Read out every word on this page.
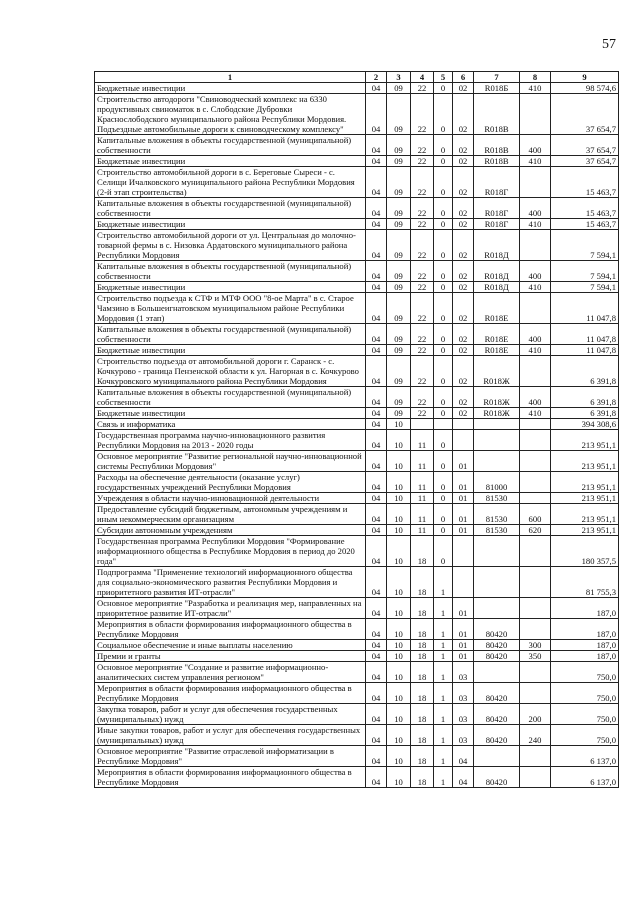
57
1	2	3	4	5	6	7	8	9
Бюджетные инвестиции	04	09	22	0	02	R018Б	410	98 574,6
Строительство автодороги "Свиноводческий комплекс на 6330 продуктивных свиноматок в с. Слободские Дубровки Краснослободского муниципального района Республики Мордовия. Подъездные автомобильные дороги к свиноводческому комплексу"	04	09	22	0	02	R018В		37 654,7
Капитальные вложения в объекты государственной (муниципальной) собственности	04	09	22	0	02	R018В	400	37 654,7
Бюджетные инвестиции	04	09	22	0	02	R018В	410	37 654,7
Строительство автомобильной дороги в с. Береговые Сыреси - с. Селищи Ичалковского муниципального района Республики Мордовия (2-й этап строительства)	04	09	22	0	02	R018Г		15 463,7
Капитальные вложения в объекты государственной (муниципальной) собственности	04	09	22	0	02	R018Г	400	15 463,7
Бюджетные инвестиции	04	09	22	0	02	R018Г	410	15 463,7
Строительство автомобильной дороги от ул. Центральная до молочно-товарной фермы в с. Низовка Ардатовского муниципального района Республики Мордовия	04	09	22	0	02	R018Д		7 594,1
Капитальные вложения в объекты государственной (муниципальной) собственности	04	09	22	0	02	R018Д	400	7 594,1
Бюджетные инвестиции	04	09	22	0	02	R018Д	410	7 594,1
Строительство подъезда к СТФ и МТФ ООО "8-ое Марта" в с. Старое Чамзино в Большеигнатовском муниципальном районе Республики Мордовия (1 этап)	04	09	22	0	02	R018Е		11 047,8
Капитальные вложения в объекты государственной (муниципальной) собственности	04	09	22	0	02	R018Е	400	11 047,8
Бюджетные инвестиции	04	09	22	0	02	R018Е	410	11 047,8
Строительство подъезда от автомобильной дороги г. Саранск - с. Кочкурово - граница Пензенской области к ул. Нагорная в с. Кочкурово Кочкуровского муниципального района Республики Мордовия	04	09	22	0	02	R018Ж		6 391,8
Капитальные вложения в объекты государственной (муниципальной) собственности	04	09	22	0	02	R018Ж	400	6 391,8
Бюджетные инвестиции	04	09	22	0	02	R018Ж	410	6 391,8
Связь и информатика	04	10						394 308,6
Государственная программа научно-инновационного развития Республики Мордовия на 2013 - 2020 годы	04	10	11	0				213 951,1
Основное мероприятие "Развитие региональной научно-инновационной системы Республики Мордовия"	04	10	11	0	01			213 951,1
Расходы на обеспечение деятельности (оказание услуг) государственных учреждений Республики Мордовия	04	10	11	0	01	81000		213 951,1
Учреждения в области научно-инновационной деятельности	04	10	11	0	01	81530		213 951,1
Предоставление субсидий бюджетным, автономным учреждениям и иным некоммерческим организациям	04	10	11	0	01	81530	600	213 951,1
Субсидии автономным учреждениям	04	10	11	0	01	81530	620	213 951,1
Государственная программа Республики Мордовия "Формирование информационного общества в Республике Мордовия в период до 2020 года"	04	10	18	0				180 357,5
Подпрограмма "Применение технологий информационного общества для социально-экономического развития Республики Мордовия и приоритетного развития ИТ-отрасли"	04	10	18	1				81 755,3
Основное мероприятие "Разработка и реализация мер, направленных на приоритетное развитие ИТ-отрасли"	04	10	18	1	01			187,0
Мероприятия в области формирования информационного общества в Республике Мордовия	04	10	18	1	01	80420		187,0
Социальное обеспечение и иные выплаты населению	04	10	18	1	01	80420	300	187,0
Премии и гранты	04	10	18	1	01	80420	350	187,0
Основное мероприятие "Создание и развитие информационно-аналитических систем управления регионом"	04	10	18	1	03			750,0
Мероприятия в области формирования информационного общества в Республике Мордовия	04	10	18	1	03	80420		750,0
Закупка товаров, работ и услуг для обеспечения государственных (муниципальных) нужд	04	10	18	1	03	80420	200	750,0
Иные закупки товаров, работ и услуг для обеспечения государственных (муниципальных) нужд	04	10	18	1	03	80420	240	750,0
Основное мероприятие "Развитие отраслевой информатизации в Республике Мордовия"	04	10	18	1	04			6 137,0
Мероприятия в области формирования информационного общества в Республике Мордовия	04	10	18	1	04	80420		6 137,0
